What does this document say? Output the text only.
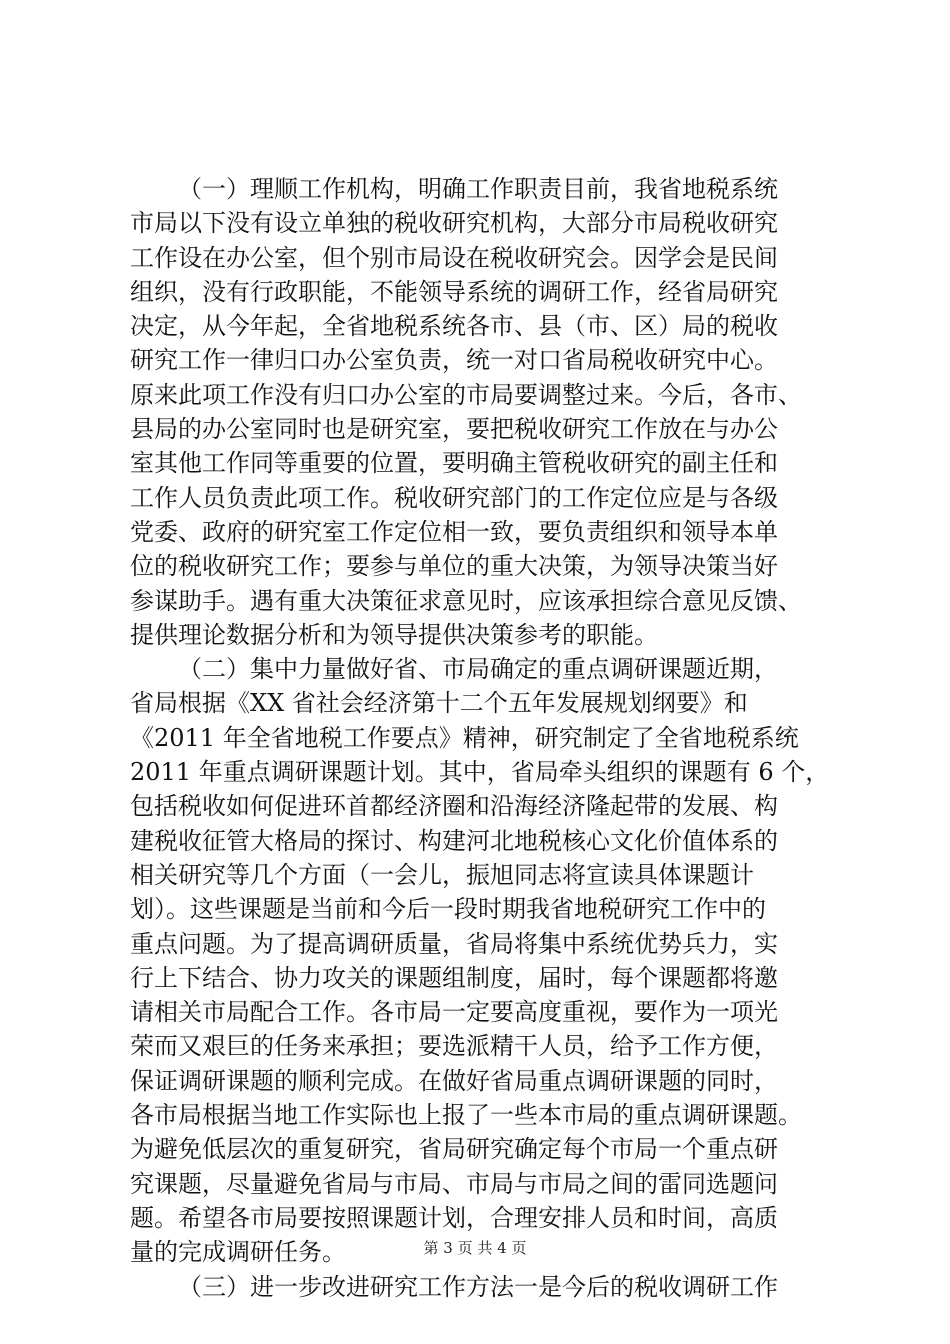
（一）理顺工作机构，明确工作职责目前，我省地税系统
市局以下没有设立单独的税收研究机构，大部分市局税收研究
工作设在办公室，但个别市局设在税收研究会。因学会是民间
组织，没有行政职能，不能领导系统的调研工作，经省局研究
决定，从今年起，全省地税系统各市、县（市、区）局的税收
研究工作一律归口办公室负责，统一对口省局税收研究中心。
原来此项工作没有归口办公室的市局要调整过来。今后，各市、
县局的办公室同时也是研究室，要把税收研究工作放在与办公
室其他工作同等重要的位置，要明确主管税收研究的副主任和
工作人员负责此项工作。税收研究部门的工作定位应是与各级
党委、政府的研究室工作定位相一致，要负责组织和领导本单
位的税收研究工作；要参与单位的重大决策，为领导决策当好
参谋助手。遇有重大决策征求意见时，应该承担综合意见反馈、
提供理论数据分析和为领导提供决策参考的职能。
（二）集中力量做好省、市局确定的重点调研课题近期，
省局根据《XX 省社会经济第十二个五年发展规划纲要》和
《2011 年全省地税工作要点》精神，研究制定了全省地税系统
2011 年重点调研课题计划。其中，省局牵头组织的课题有 6 个，
包括税收如何促进环首都经济圈和沿海经济隆起带的发展、构
建税收征管大格局的探讨、构建河北地税核心文化价值体系的
相关研究等几个方面（一会儿，振旭同志将宣读具体课题计
划）。这些课题是当前和今后一段时期我省地税研究工作中的
重点问题。为了提高调研质量，省局将集中系统优势兵力，实
行上下结合、协力攻关的课题组制度，届时，每个课题都将邀
请相关市局配合工作。各市局一定要高度重视，要作为一项光
荣而又艰巨的任务来承担；要选派精干人员，给予工作方便，
保证调研课题的顺利完成。在做好省局重点调研课题的同时，
各市局根据当地工作实际也上报了一些本市局的重点调研课题。
为避免低层次的重复研究，省局研究确定每个市局一个重点研
究课题，尽量避免省局与市局、市局与市局之间的雷同选题问
题。希望各市局要按照课题计划，合理安排人员和时间，高质
量的完成调研任务。
（三）进一步改进研究工作方法一是今后的税收调研工作
第 3 页 共 4 页
